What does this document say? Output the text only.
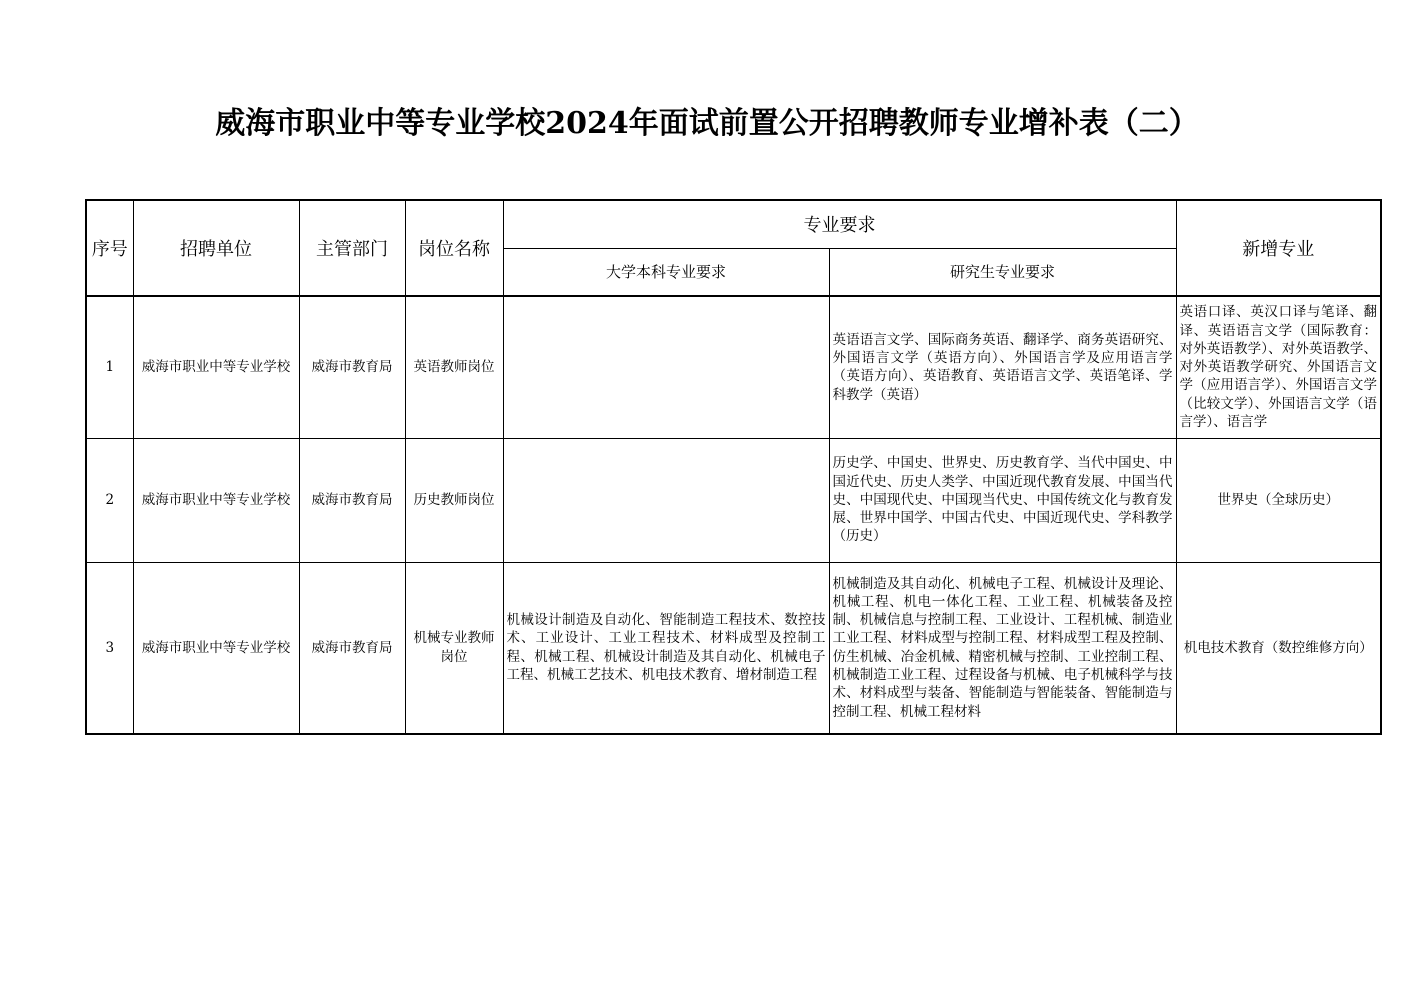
威海市职业中等专业学校2024年面试前置公开招聘教师专业增补表（二）
序号	招聘单位	主管部门	岗位名称	专业要求		新增专业
				大学本科专业要求	研究生专业要求	
1	威海市职业中等专业学校	威海市教育局	英语教师岗位		英语语言文学、国际商务英语、翻译学、商务英语研究、外国语言文学（英语方向）、外国语言学及应用语言学（英语方向）、英语教育、英语语言文学、英语笔译、学科教学（英语）	英语口译、英汉口译与笔译、翻译、英语语言文学（国际教育：对外英语教学）、对外英语教学、对外英语教学研究、外国语言文学（应用语言学）、外国语言文学（比较文学）、外国语言文学（语言学）、语言学

2	威海市职业中等专业学校	威海市教育局	历史教师岗位		历史学、中国史、世界史、历史教育学、当代中国史、中国近代史、历史人类学、中国近现代教育发展、中国当代史、中国现代史、中国现当代史、中国传统文化与教育发展、世界中国学、中国古代史、中国近现代史、学科教学（历史）	世界史（全球历史）
3	威海市职业中等专业学校	威海市教育局	机械专业教师岗位	机械设计制造及自动化、智能制造工程技术、数控技术、工业设计、工业工程技术、材料成型及控制工程、机械工程、机械设计制造及其自动化、机械电子工程、机械工艺技术、机电技术教育、增材制造工程	机械制造及其自动化、机械电子工程、机械设计及理论、机械工程、机电一体化工程、工业工程、机械装备及控制、机械信息与控制工程、工业设计、工程机械、制造业工业工程、材料成型与控制工程、材料成型工程及控制、仿生机械、冶金机械、精密机械与控制、工业控制工程、机械制造工业工程、过程设备与机械、电子机械科学与技术、材料成型与装备、智能制造与智能装备、智能制造与控制工程、机械工程材料	机电技术教育（数控维修方向）
